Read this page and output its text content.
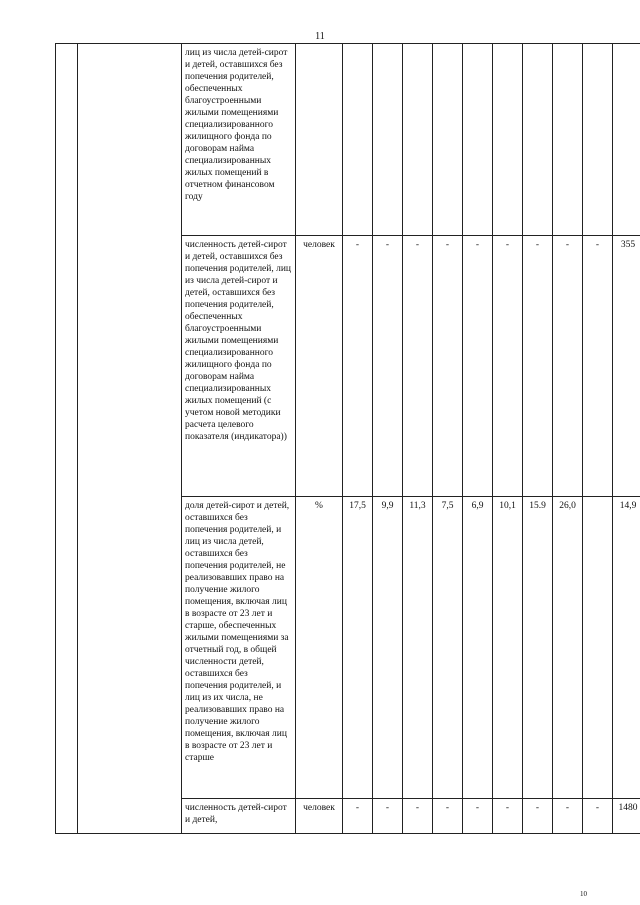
11
		лиц из числа детей-сирот и детей, оставшихся без попечения родителей, обеспеченных благоустроенными жилыми помещениями специализированного жилищного фонда по договорам найма специализированных жилых помещений в отчетном финансовом году											
		численность детей-сирот и детей, оставшихся без попечения родителей, лиц из числа детей-сирот и детей, оставшихся без попечения родителей, обеспеченных благоустроенными жилыми помещениями специализированного жилищного фонда по договорам найма специализированных жилых помещений (с учетом новой методики расчета целевого показателя (индикатора))	человек	-	-	-	-	-	-	-	-	-	355
		доля детей-сирот и детей, оставшихся без попечения родителей, и лиц из числа детей, оставшихся без попечения родителей, не реализовавших право на получение жилого помещения, включая лиц в возрасте от 23 лет и старше, обеспеченных жилыми помещениями за отчетный год, в общей численности детей, оставшихся без попечения родителей, и лиц из их числа, не реализовавших право на получение жилого помещения, включая лиц в возрасте от 23 лет и старше	%	17,5	9,9	11,3	7,5	6,9	10,1	15.9	26,0		14,9
		численность детей-сирот и детей,	человек	-	-	-	-	-	-	-	-	-	1480
10
